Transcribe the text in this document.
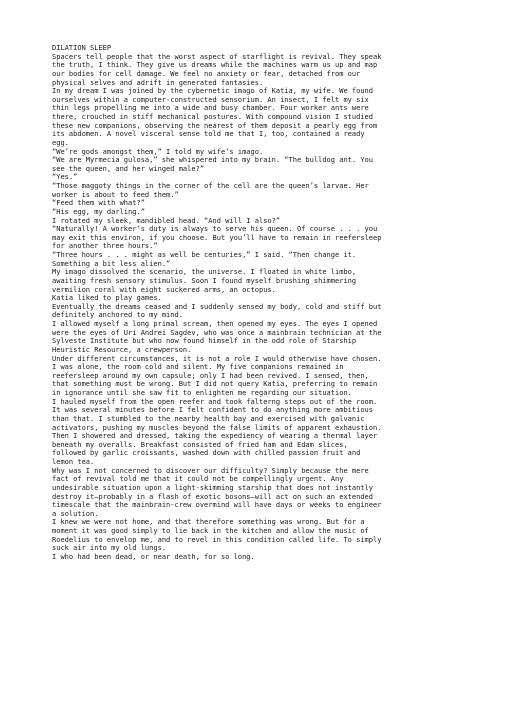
DILATION SLEEP

Spacers tell people that the worst aspect of starflight is revival. They speak
the truth, I think. They give us dreams while the machines warm us up and map
our bodies for cell damage. We feel no anxiety or fear, detached from our
physical selves and adrift in generated fantasies.

In my dream I was joined by the cybernetic imago of Katia, my wife. We found
ourselves within a computer-constructed sensorium. An insect, I felt my six
thin legs propelling me into a wide and busy chamber. Four worker ants were
there, crouched in stiff mechanical postures. With compound vision I studied
these new companions, observing the nearest of them deposit a pearly egg from
its abdomen. A novel visceral sense told me that I, too, contained a ready
egg.

“We’re gods amongst them,” I told my wife’s imago.

“We are Myrmecia gulosa,” she whispered into my brain. “The bulldog ant. You
see the queen, and her winged male?”

“Yes.”

“Those maggoty things in the corner of the cell are the queen’s larvae. Her
worker is about to feed them.”

“Feed them with what?”

“His egg, my darling.”

I rotated my sleek, mandibled head. “And will I also?”

“Naturally! A worker’s duty is always to serve his queen. Of course . . . you
may exit this environ, if you choose. But you’ll have to remain in reefersleep
for another three hours.”

“Three hours . . . might as well be centuries,” I said. “Then change it.
Something a bit less alien.”

My imago dissolved the scenario, the universe. I floated in white limbo,
awaiting fresh sensory stimulus. Soon I found myself brushing shimmering
vermilion coral with eight suckered arms, an octopus.

Katia liked to play games.

Eventually the dreams ceased and I suddenly sensed my body, cold and stiff but
definitely anchored to my mind.

I allowed myself a long primal scream, then opened my eyes. The eyes I opened
were the eyes of Uri Andrei Sagdev, who was once a mainbrain technician at the
Sylveste Institute but who now found himself in the odd role of Starship
Heuristic Resource, a crewperson.

Under different circumstances, it is not a role I would otherwise have chosen.
I was alone, the room cold and silent. My five companions remained in
reefersleep around my own capsule; only I had been revived. I sensed, then,
that something must be wrong. But I did not query Katia, preferring to remain
in ignorance until she saw fit to enlighten me regarding our situation.

I hauled myself from the open reefer and took falterng steps out of the room.
It was several minutes before I felt confident to do anything more ambitious
than that. I stumbled to the nearby health bay and exercised with galvanic
activators, pushing my muscles beyond the false limits of apparent exhaustion.
Then I showered and dressed, taking the expediency of wearing a thermal layer
beneath my overalls. Breakfast consisted of fried ham and Edam slices,
followed by garlic croissants, washed down with chilled passion fruit and
lemon tea.

Why was I not concerned to discover our difficulty? Simply because the mere
fact of revival told me that it could not be compellingly urgent. Any
undesirable situation upon a light-skimming starship that does not instantly
destroy it—probably in a flash of exotic bosons—will act on such an extended
timescale that the mainbrain-crew overmind will have days or weeks to engineer
a solution.

I knew we were not home, and that therefore something was wrong. But for a
moment it was good simply to lie back in the kitchen and allow the music of
Roedelius to envelop me, and to revel in this condition called life. To simply
suck air into my old lungs.

I who had been dead, or near death, for so long.
